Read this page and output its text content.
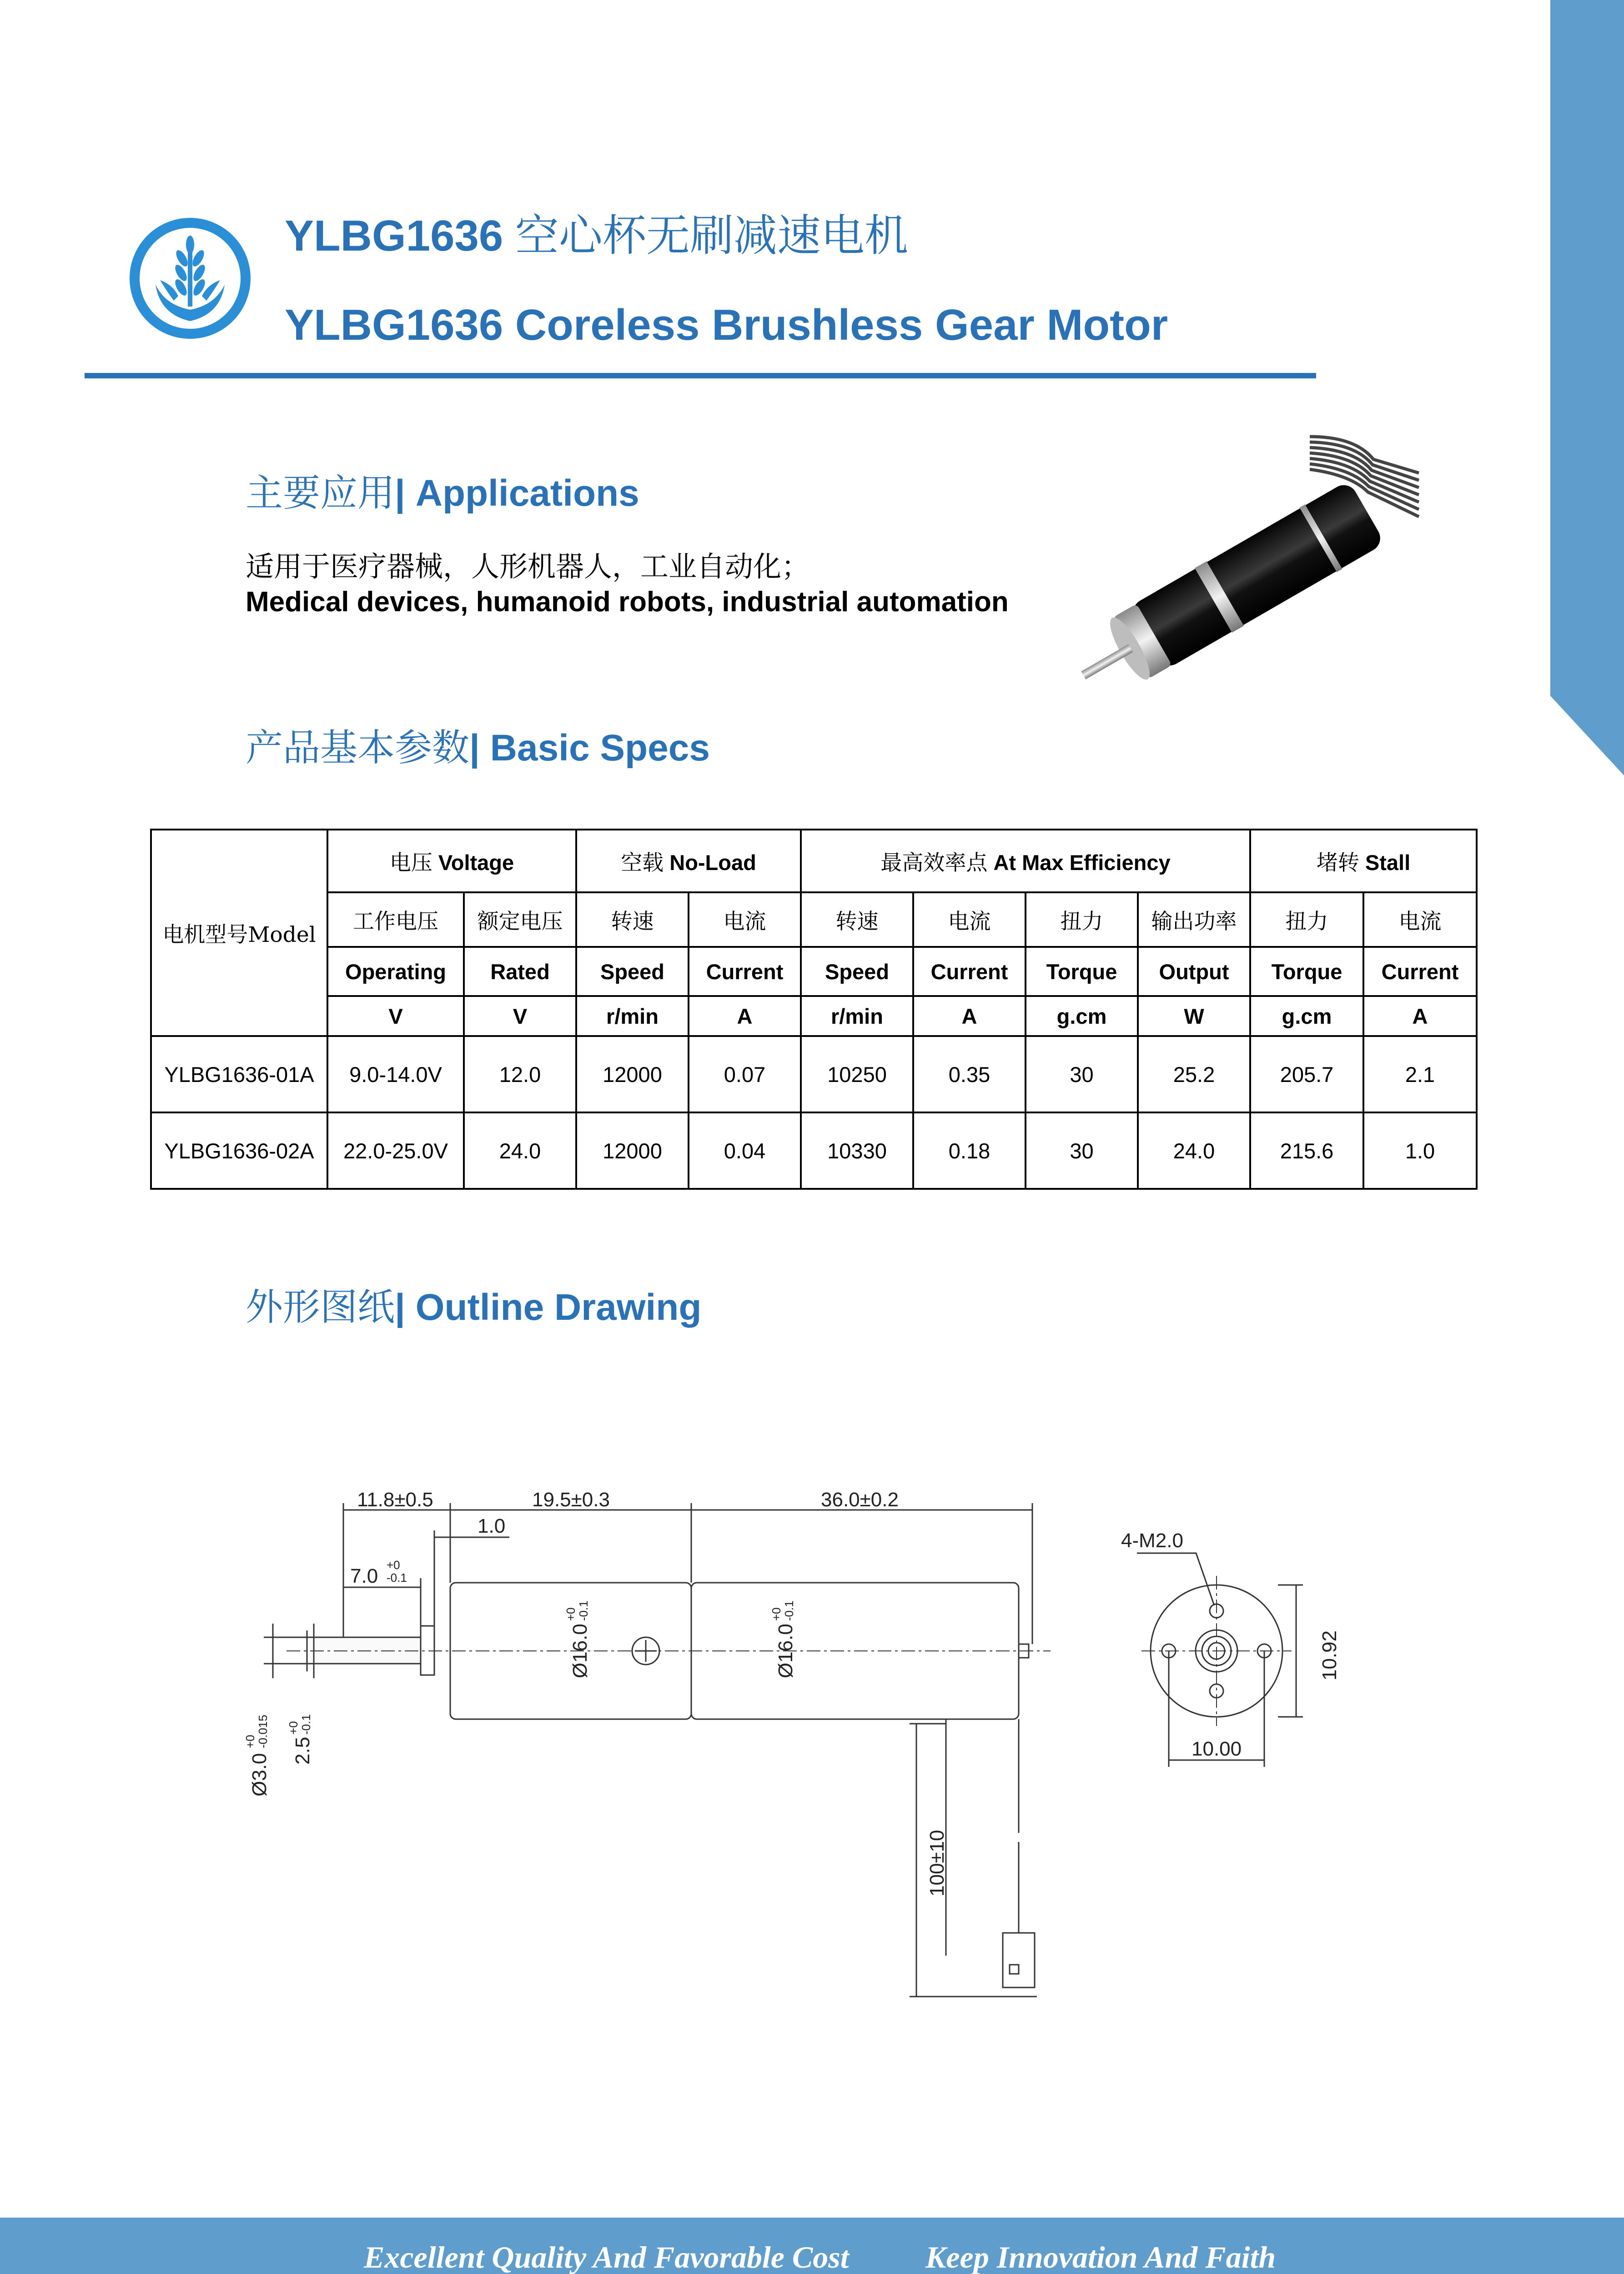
YLBG1636 空心杯无刷减速电机
YLBG1636 Coreless Brushless Gear Motor
主要应用| Applications
适用于医疗器械，人形机器人，工业自动化；
Medical devices, humanoid robots, industrial automation
产品基本参数| Basic Specs
电机型号Model	电压 Voltage		空载 No-Load		最高效率点 At Max Efficiency				堵转 Stall	
	工作电压	额定电压	转速	电流	转速	电流	扭力	输出功率	扭力	电流
	Operating	Rated	Speed	Current	Speed	Current	Torque	Output	Torque	Current
	V	V	r/min	A	r/min	A	g.cm	W	g.cm	A
YLBG1636-01A	9.0-14.0V	12.0	12000	0.07	10250	0.35	30	25.2	205.7	2.1
YLBG1636-02A	22.0-25.0V	24.0	12000	0.04	10330	0.18	30	24.0	215.6	1.0
外形图纸| Outline Drawing
11.8±0.5	19.5±0.3	36.0±0.2
1.0
7.0 +0
-0.1
Ø16.0
+0
-0.1
Ø16.0
+0
-0.1
Ø3.0
+0
-0.015
2.5
+0
-0.1
100±10
4-M2.0
10.92
10.00
Excellent Quality And Favorable Cost Keep Innovation And Faith
